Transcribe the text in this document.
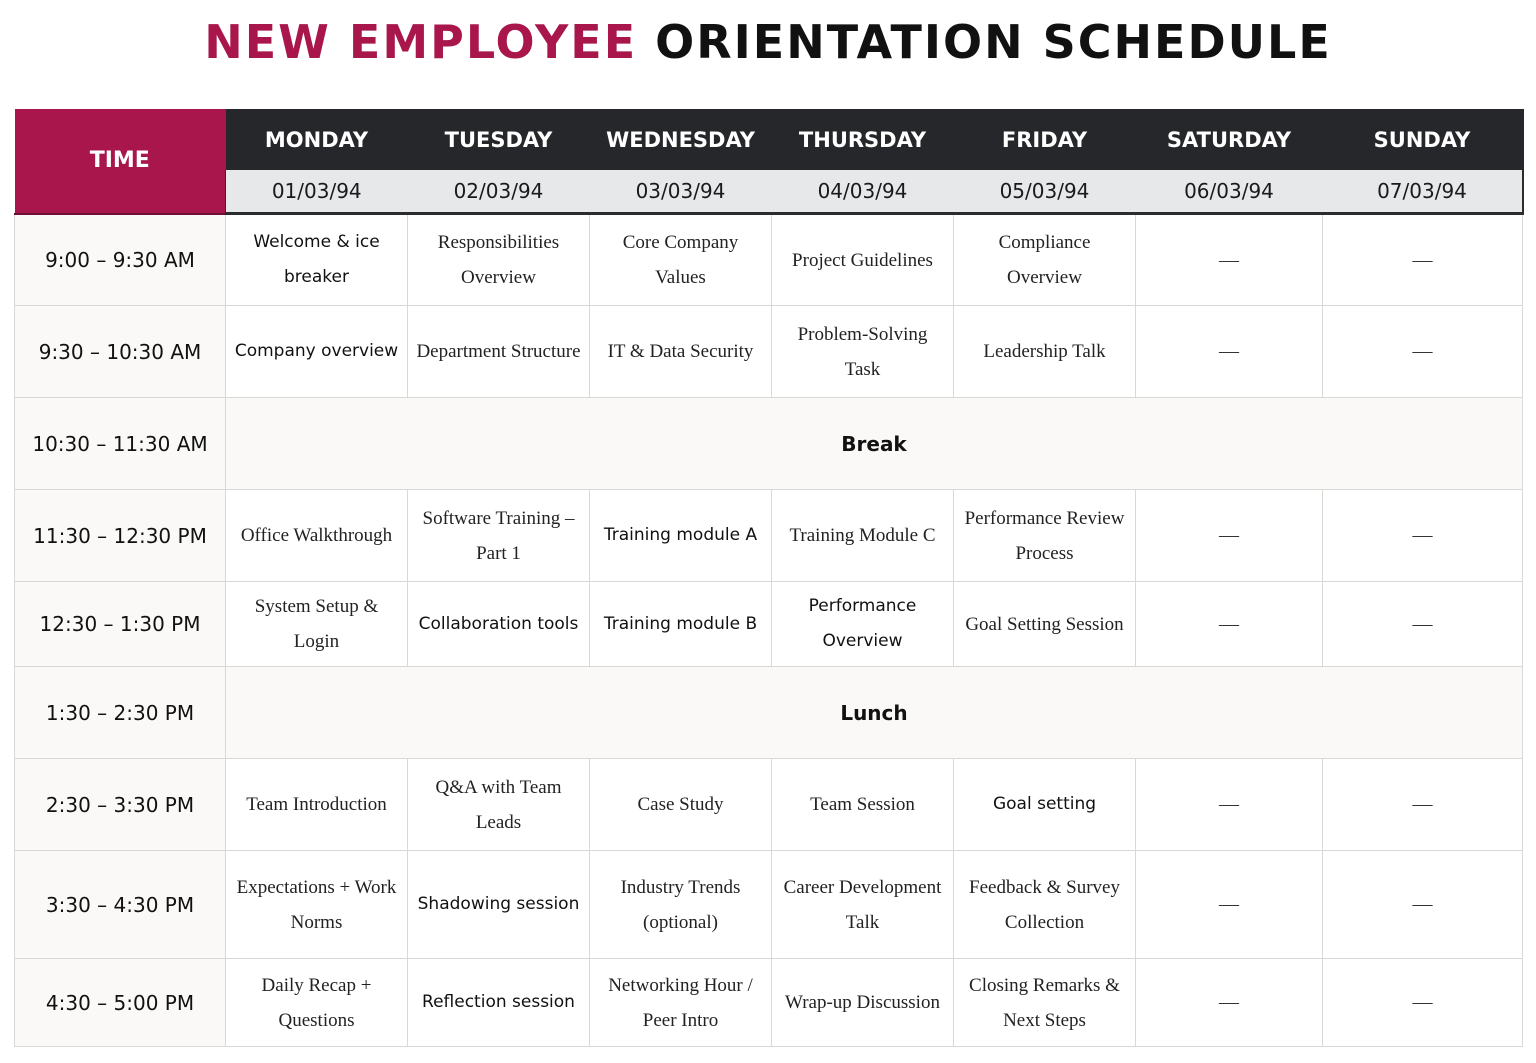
NEW EMPLOYEE ORIENTATION SCHEDULE
TIME	MONDAY	TUESDAY	WEDNESDAY	THURSDAY	FRIDAY	SATURDAY	SUNDAY
	01/03/94	02/03/94	03/03/94	04/03/94	05/03/94	06/03/94	07/03/94
9:00 – 9:30 AM	Welcome & ice breaker	Responsibilities Overview	Core Company Values	Project Guidelines	Compliance Overview	—	—
9:30 – 10:30 AM	Company overview	Department Structure	IT & Data Security	Problem-Solving Task	Leadership Talk	—	—
10:30 – 11:30 AM	Break						
11:30 – 12:30 PM	Office Walkthrough	Software Training – Part 1	Training module A	Training Module C	Performance Review Process	—	—
12:30 – 1:30 PM	System Setup & Login	Collaboration tools	Training module B	Performance Overview	Goal Setting Session	—	—
1:30 – 2:30 PM	Lunch						
2:30 – 3:30 PM	Team Introduction	Q&A with Team Leads	Case Study	Team Session	Goal setting	—	—
3:30 – 4:30 PM	Expectations + Work Norms	Shadowing session	Industry Trends (optional)	Career Development Talk	Feedback & Survey Collection	—	—
4:30 – 5:00 PM	Daily Recap + Questions	Reflection session	Networking Hour / Peer Intro	Wrap-up Discussion	Closing Remarks & Next Steps	—	—
